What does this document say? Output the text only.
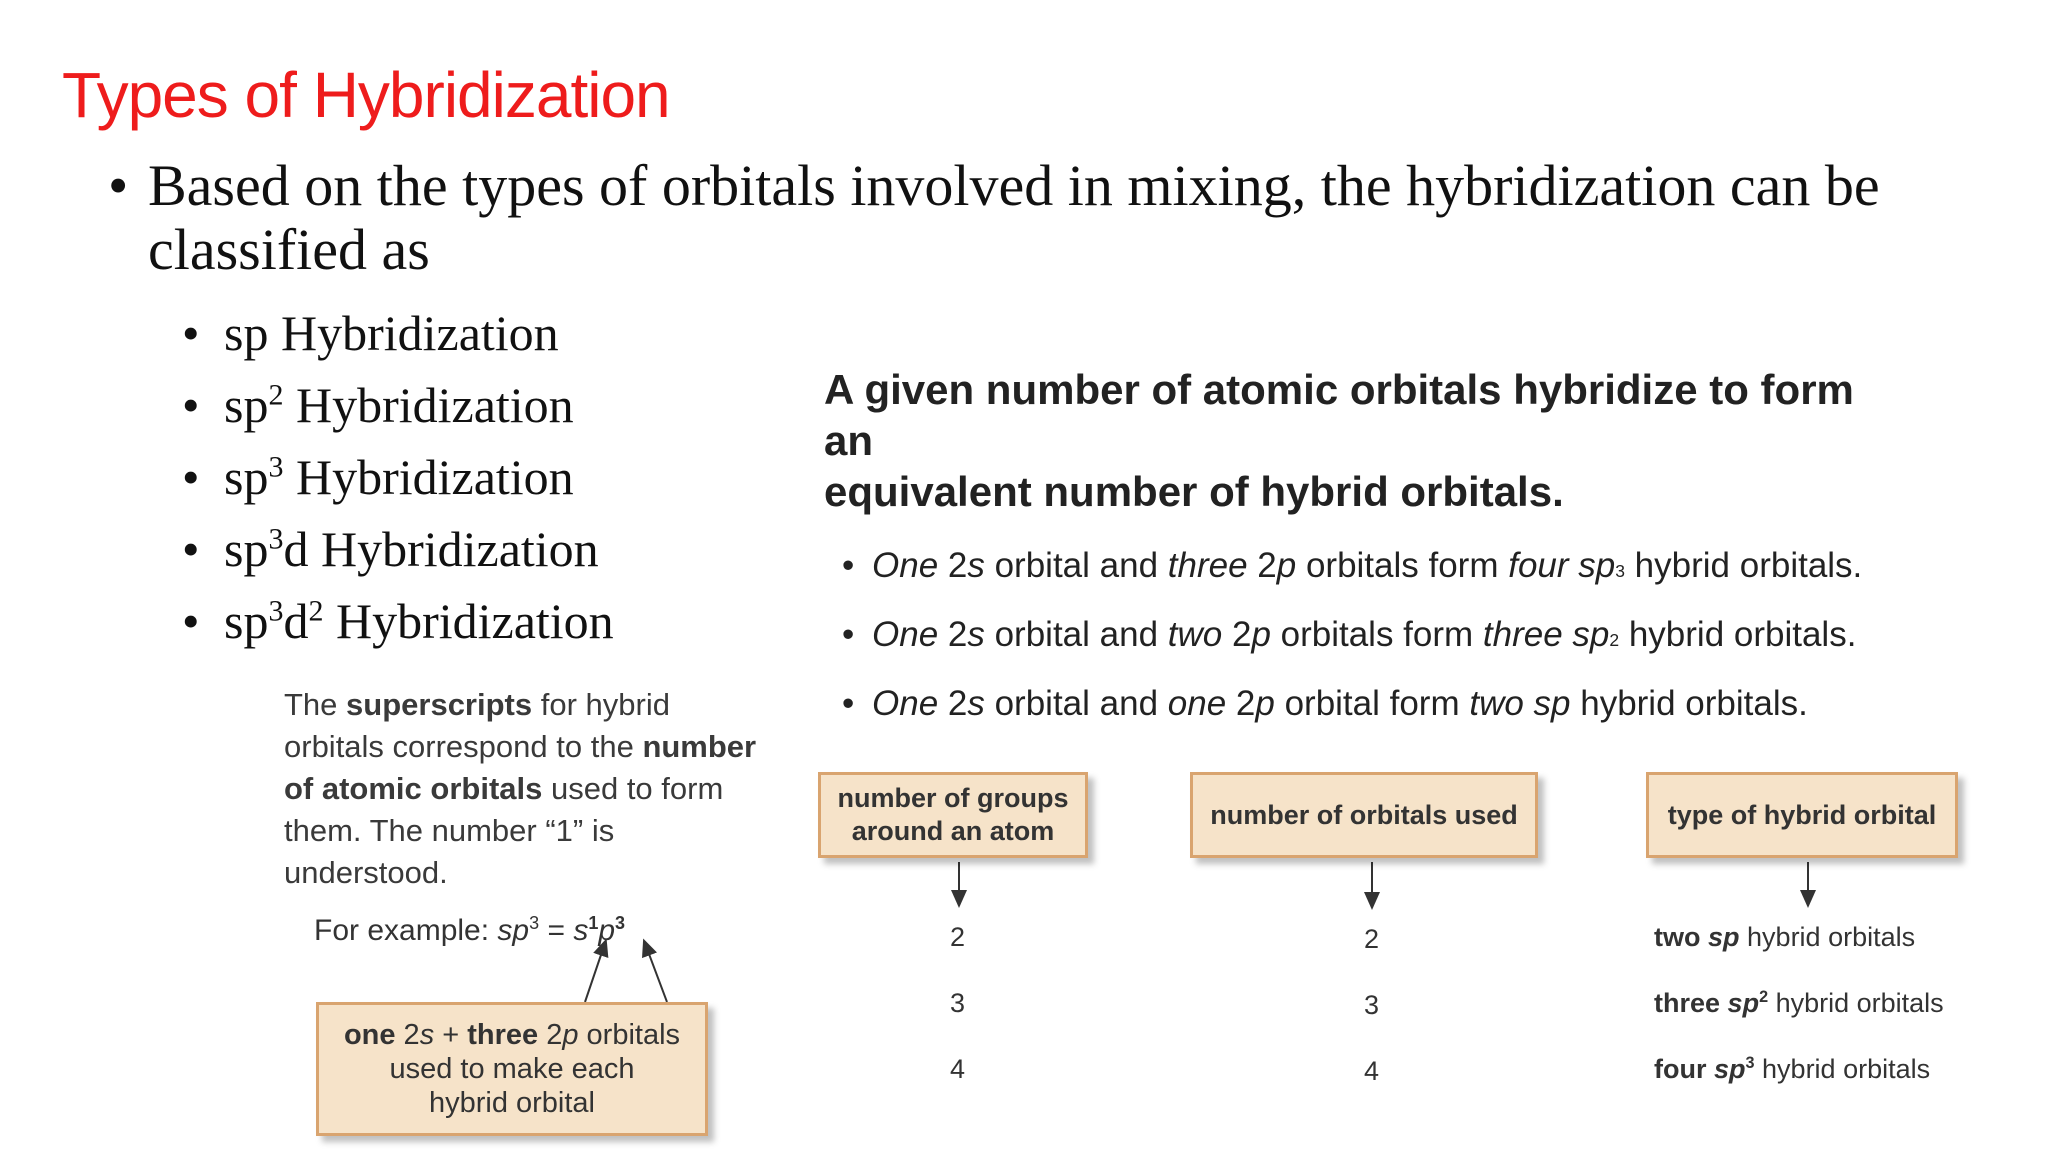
Types of Hybridization
• Based on the types of orbitals involved in mixing, the hybridization can be classified as
• sp Hybridization
• $sp^2$ Hybridization
• $sp^3$ Hybridization
• $sp^3d$ Hybridization
• $sp^3d^2$ Hybridization
A given number of atomic orbitals hybridize to form
an
equivalent number of hybrid orbitals.
• One 2s orbital and three 2p orbitals form four sp3 hybrid orbitals.
• One 2s orbital and two 2p orbitals form three sp2 hybrid orbitals.
• One 2s orbital and one 2p orbital form two sp hybrid orbitals.
The superscripts for hybrid orbitals correspond to the number of atomic orbitals used to form them. The number “1” is understood.
For example: $sp^3 = s^1p^3$
one 2s + three 2p orbitals
used to make each
hybrid orbital
number of groups around an atom
number of orbitals used	type of hybrid orbital
2
3
4
2
3
4
two sp hybrid orbitals
three $sp^2$ hybrid orbitals
four $sp^3$ hybrid orbitals
